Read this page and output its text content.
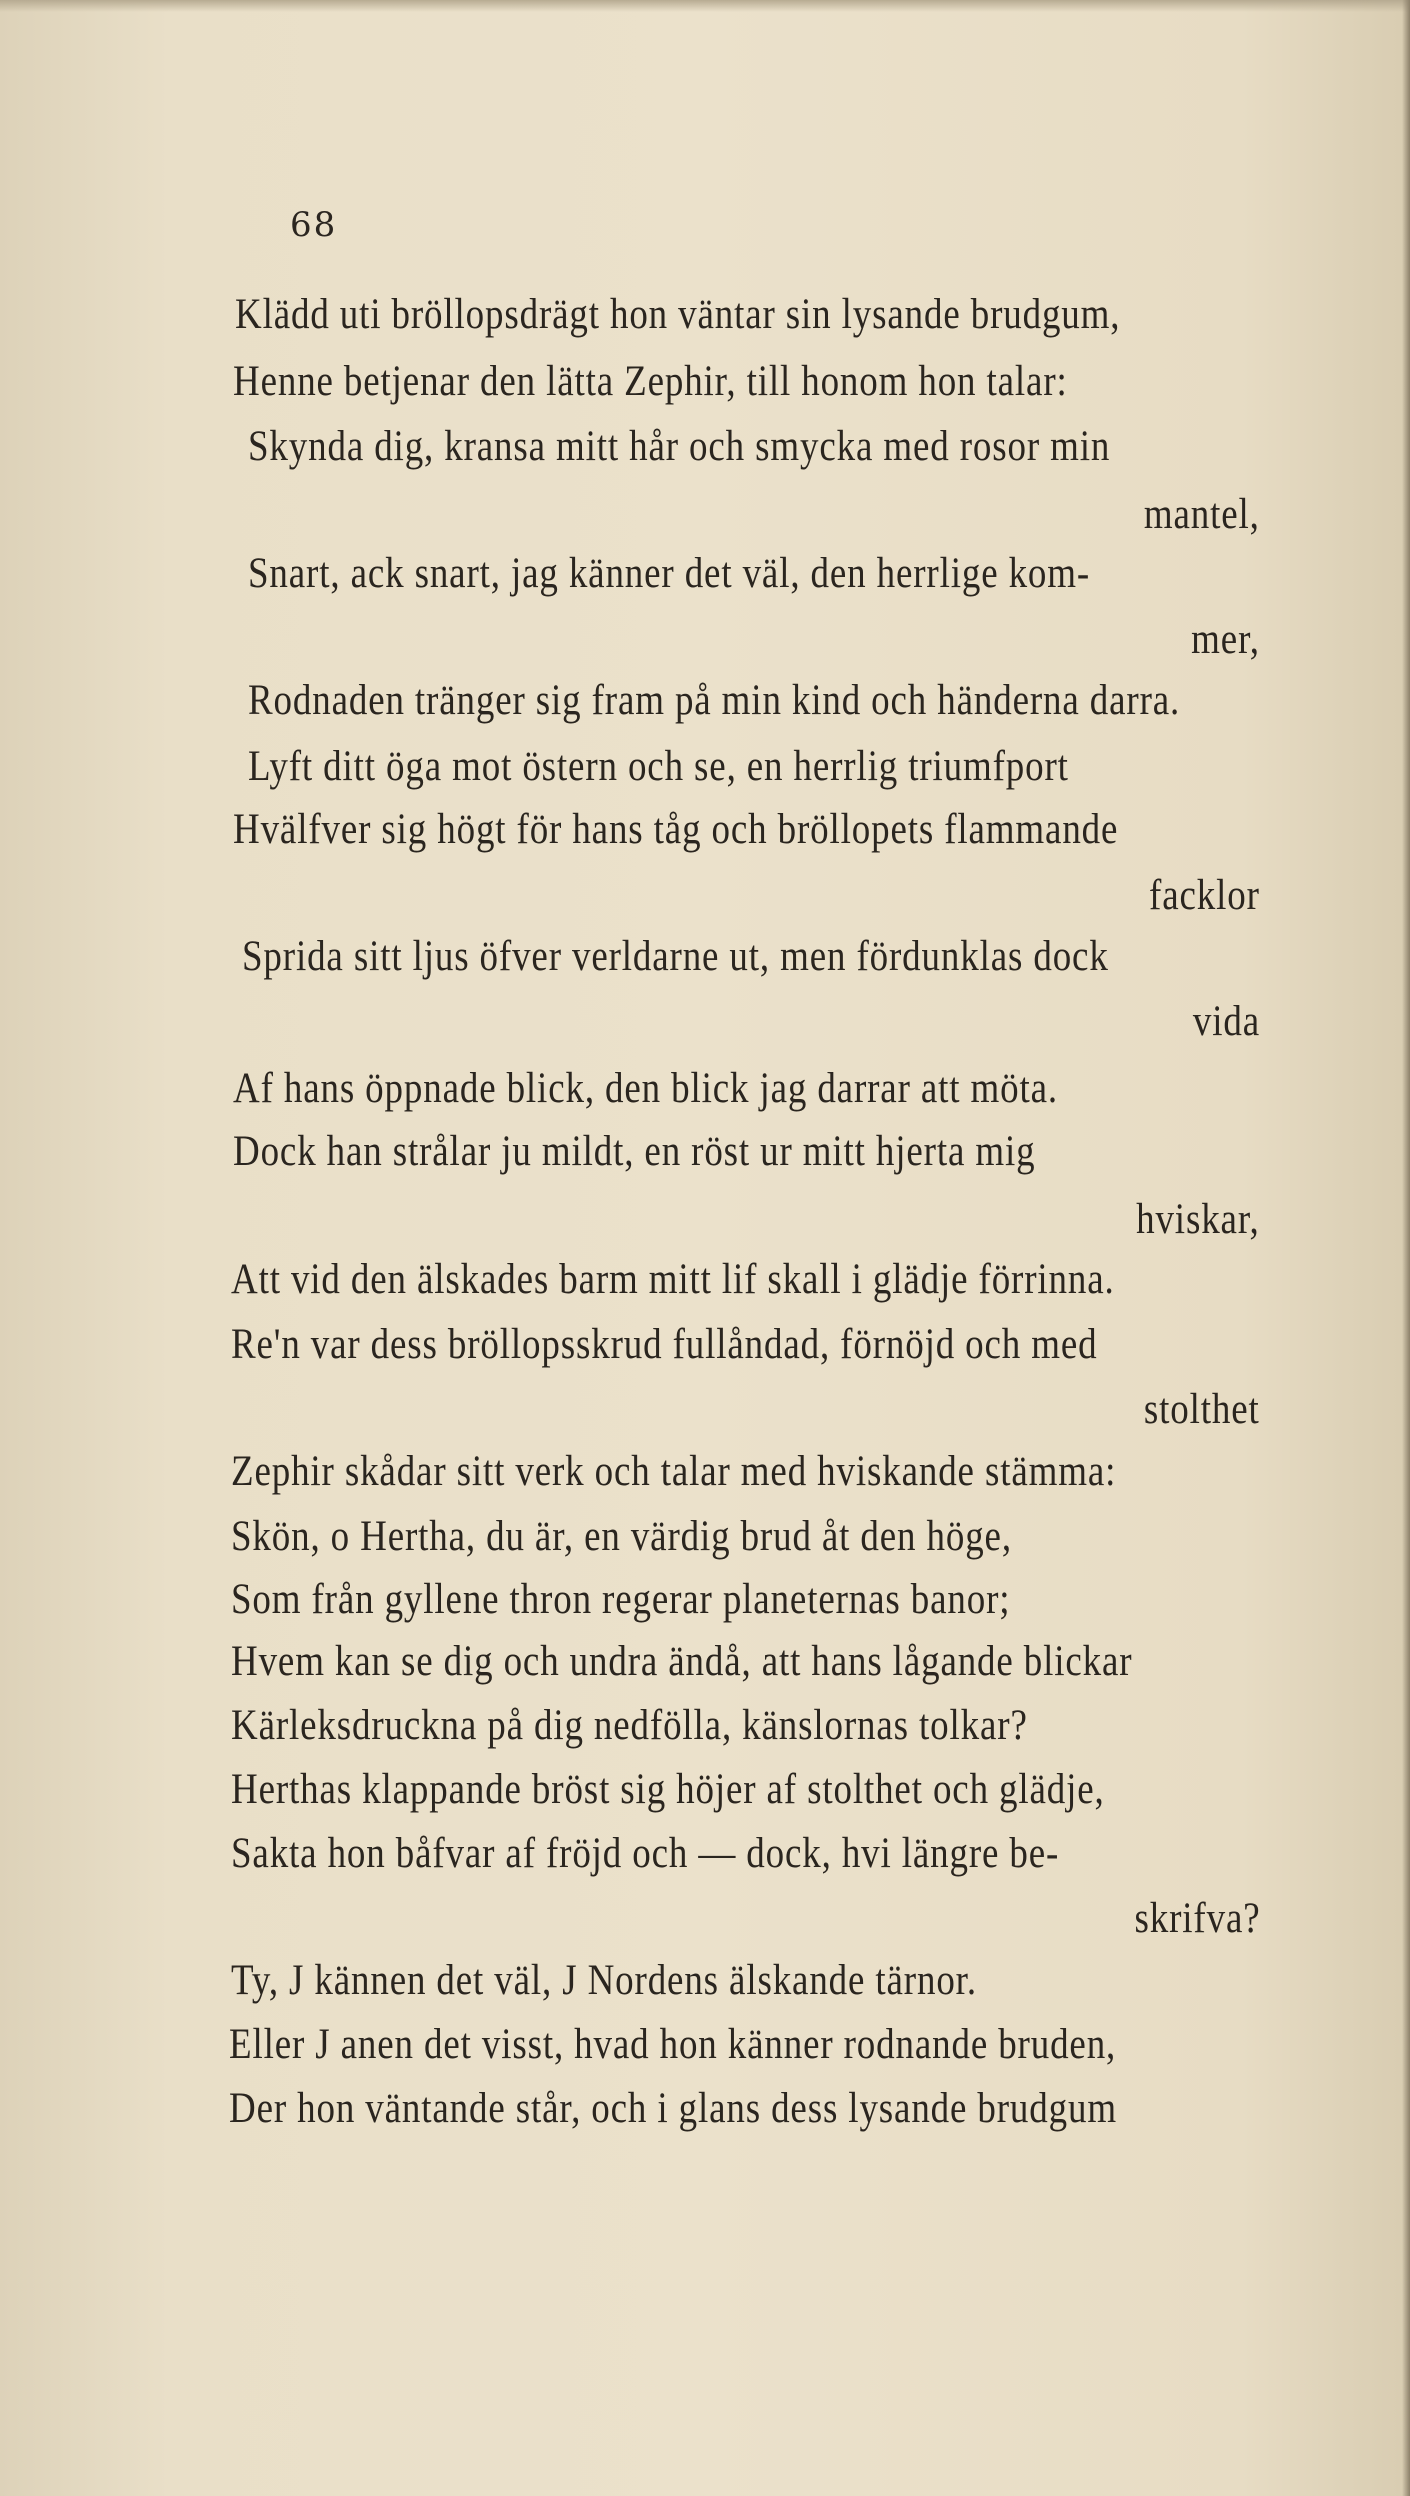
68
Klädd uti bröllopsdrägt hon väntar sin lysande brudgum,
Henne betjenar den lätta Zephir, till honom hon talar:
Skynda dig, kransa mitt hår och smycka med rosor min
mantel,
Snart, ack snart, jag känner det väl, den herrlige kom-
mer,
Rodnaden tränger sig fram på min kind och händerna darra.
Lyft ditt öga mot östern och se, en herrlig triumfport
Hvälfver sig högt för hans tåg och bröllopets flammande
facklor
Sprida sitt ljus öfver verldarne ut, men fördunklas dock
vida
Af hans öppnade blick, den blick jag darrar att möta.
Dock han strålar ju mildt, en röst ur mitt hjerta mig
hviskar,
Att vid den älskades barm mitt lif skall i glädje förrinna.
Re'n var dess bröllopsskrud fullåndad, förnöjd och med
stolthet
Zephir skådar sitt verk och talar med hviskande stämma:
Skön, o Hertha, du är, en värdig brud åt den höge,
Som från gyllene thron regerar planeternas banor;
Hvem kan se dig och undra ändå, att hans lågande blickar
Kärleksdruckna på dig nedfölla, känslornas tolkar?
Herthas klappande bröst sig höjer af stolthet och glädje,
Sakta hon båfvar af fröjd och — dock, hvi längre be-
skrifva?
Ty, J kännen det väl, J Nordens älskande tärnor.
Eller J anen det visst, hvad hon känner rodnande bruden,
Der hon väntande står, och i glans dess lysande brudgum
